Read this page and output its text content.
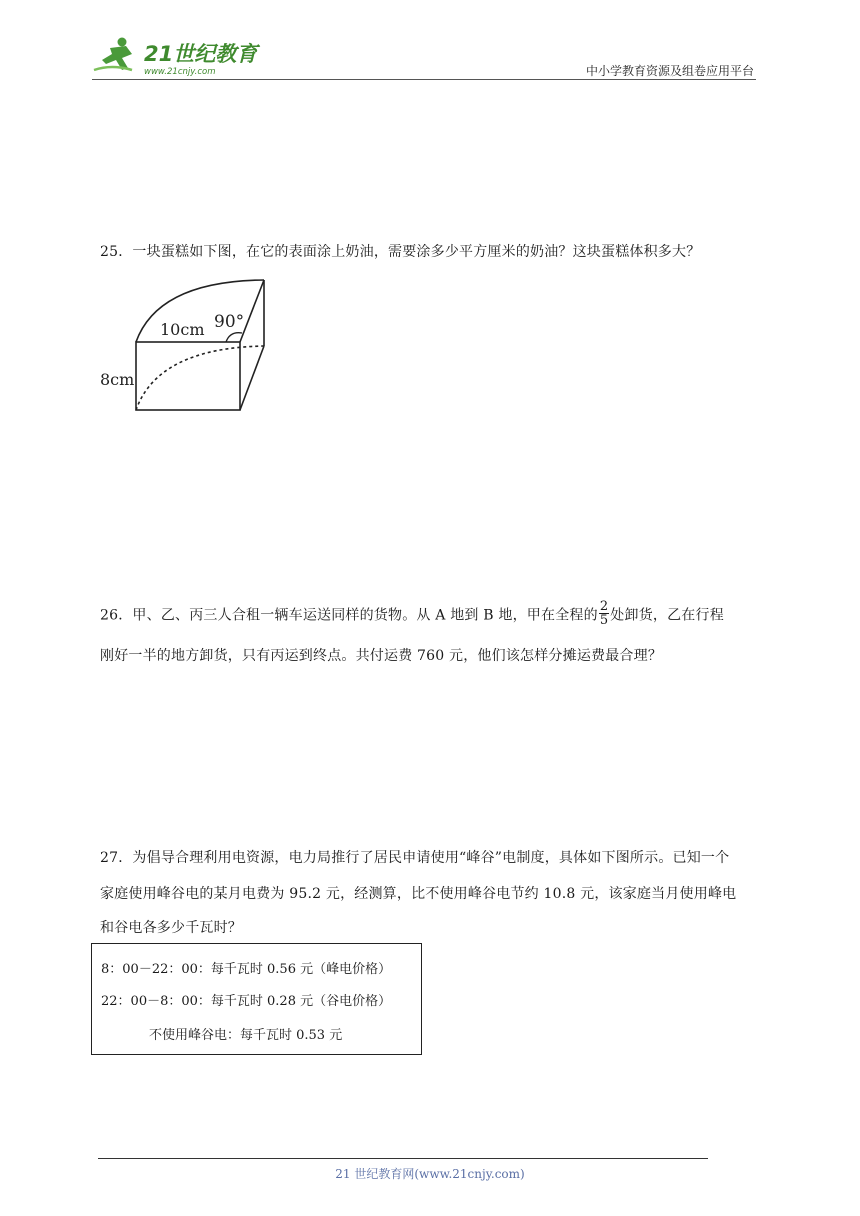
21世纪教育
www.21cnjy.com	中小学教育资源及组卷应用平台
25．一块蛋糕如下图，在它的表面涂上奶油，需要涂多少平方厘米的奶油？这块蛋糕体积多大？
10cm 90°
8cm
26．甲、乙、丙三人合租一辆车运送同样的货物。从 A 地到 B 地，甲在全程的 $\frac{2}{5}$ 处卸货，乙在行程
刚好一半的地方卸货，只有丙运到终点。共付运费 760 元，他们该怎样分摊运费最合理？
27．为倡导合理利用电资源，电力局推行了居民申请使用“峰谷”电制度，具体如下图所示。已知一个
家庭使用峰谷电的某月电费为 95.2 元，经测算，比不使用峰谷电节约 10.8 元，该家庭当月使用峰电
和谷电各多少千瓦时？
8：00－22：00：每千瓦时 0.56 元（峰电价格）
22：00－8：00：每千瓦时 0.28 元（谷电价格）
不使用峰谷电：每千瓦时 0.53 元
21 世纪教育网(www.21cnjy.com)
